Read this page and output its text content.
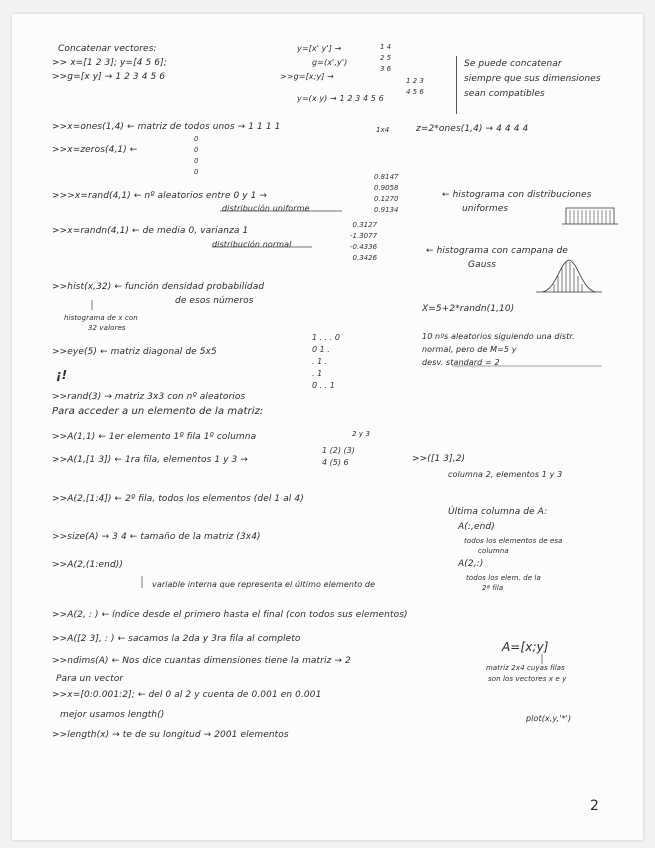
Concatenar vectores:
>> x=[1 2 3]; y=[4 5 6];
>>g=[x y] → 1 2 3 4 5 6
y=[x' y'] →
g=(x',y')
>>g=[x;y] →
y=(x y) → 1 2 3 4 5 6
1 4
2 5
3 6
1 2 3
4 5 6
Se puede concatenar
siempre que sus dimensiones
sean compatibles
>>x=ones(1,4) ← matriz de todos unos → 1 1 1 1	1x4	z=2*ones(1,4) → 4 4 4 4
>>x=zeros(4,1) ←
0
0
0
0
>>>x=rand(4,1) ← nº aleatorios entre 0 y 1 →
distribución uniforme
0.8147
0.9058
0.1270
0.9134
← histograma con distribuciones
uniformes
>>x=randn(4,1) ← de media 0, varianza 1
distribución normal
0.3127
-1.3077
-0.4336
0.3426
← histograma con campana de
Gauss
>>hist(x,32) ← función densidad probabilidad
de esos números
histograma de x con
32 valores
X=5+2*randn(1,10)
10 nºs aleatorios siguiendo una distr.
normal, pero de M=5 y
desv. standard = 2
>>eye(5) ← matriz diagonal de 5x5
1 . . . 0
0 1 .
. 1 .
. 1
0 . . 1
¡!
>>rand(3) → matriz 3x3 con nº aleatorios
Para acceder a un elemento de la matriz:
>>A(1,1) ← 1er elemento 1º fila 1º columna
>>A(1,[1 3]) ← 1ra fila, elementos 1 y 3 →
1 (2) (3)
4 (5) 6
2 y 3
>>([1 3],2)
columna 2, elementos 1 y 3
>>A(2,[1:4]) ← 2º fila, todos los elementos (del 1 al 4)
Última columna de A:
A(:,end)
todos los elementos de esa
columna
A(2,:)
todos los elem. de la
2ª fila
>>size(A) → 3 4 ← tamaño de la matriz (3x4)
>>A(2,(1:end))
variable interna que representa el último elemento de
>>A(2, : ) ← índice desde el primero hasta el final (con todos sus elementos)
>>A([2 3], : ) ← sacamos la 2da y 3ra fila al completo
A=[x;y]
matriz 2x4 cuyas filas
son los vectores x e y
plot(x,y,'*')
>>ndims(A) ← Nos dice cuantas dimensiones tiene la matriz → 2
Para un vector
>>x=[0:0.001:2]; ← del 0 al 2 y cuenta de 0.001 en 0.001
mejor usamos length()
>>length(x) → te de su longitud → 2001 elementos
2
